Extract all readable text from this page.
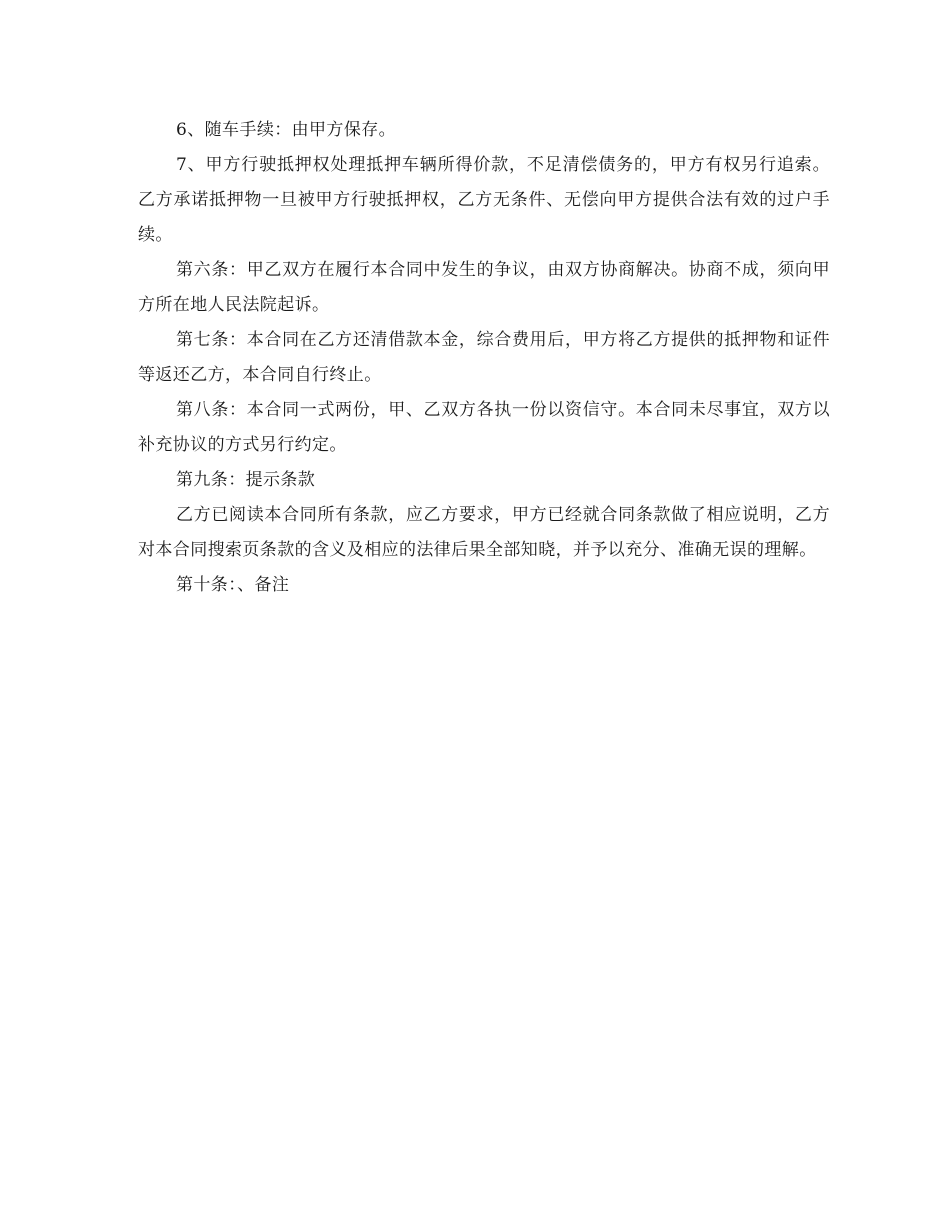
6、随车手续：由甲方保存。

7、甲方行驶抵押权处理抵押车辆所得价款，不足清偿债务的，甲方有权另行追索。乙方承诺抵押物一旦被甲方行驶抵押权，乙方无条件、无偿向甲方提供合法有效的过户手续。

第六条：甲乙双方在履行本合同中发生的争议，由双方协商解决。协商不成，须向甲方所在地人民法院起诉。

第七条：本合同在乙方还清借款本金，综合费用后，甲方将乙方提供的抵押物和证件等返还乙方，本合同自行终止。

第八条：本合同一式两份，甲、乙双方各执一份以资信守。本合同未尽事宜，双方以补充协议的方式另行约定。

第九条：提示条款

乙方已阅读本合同所有条款，应乙方要求，甲方已经就合同条款做了相应说明，乙方对本合同搜索页条款的含义及相应的法律后果全部知晓，并予以充分、准确无误的理解。

第十条：、备注
